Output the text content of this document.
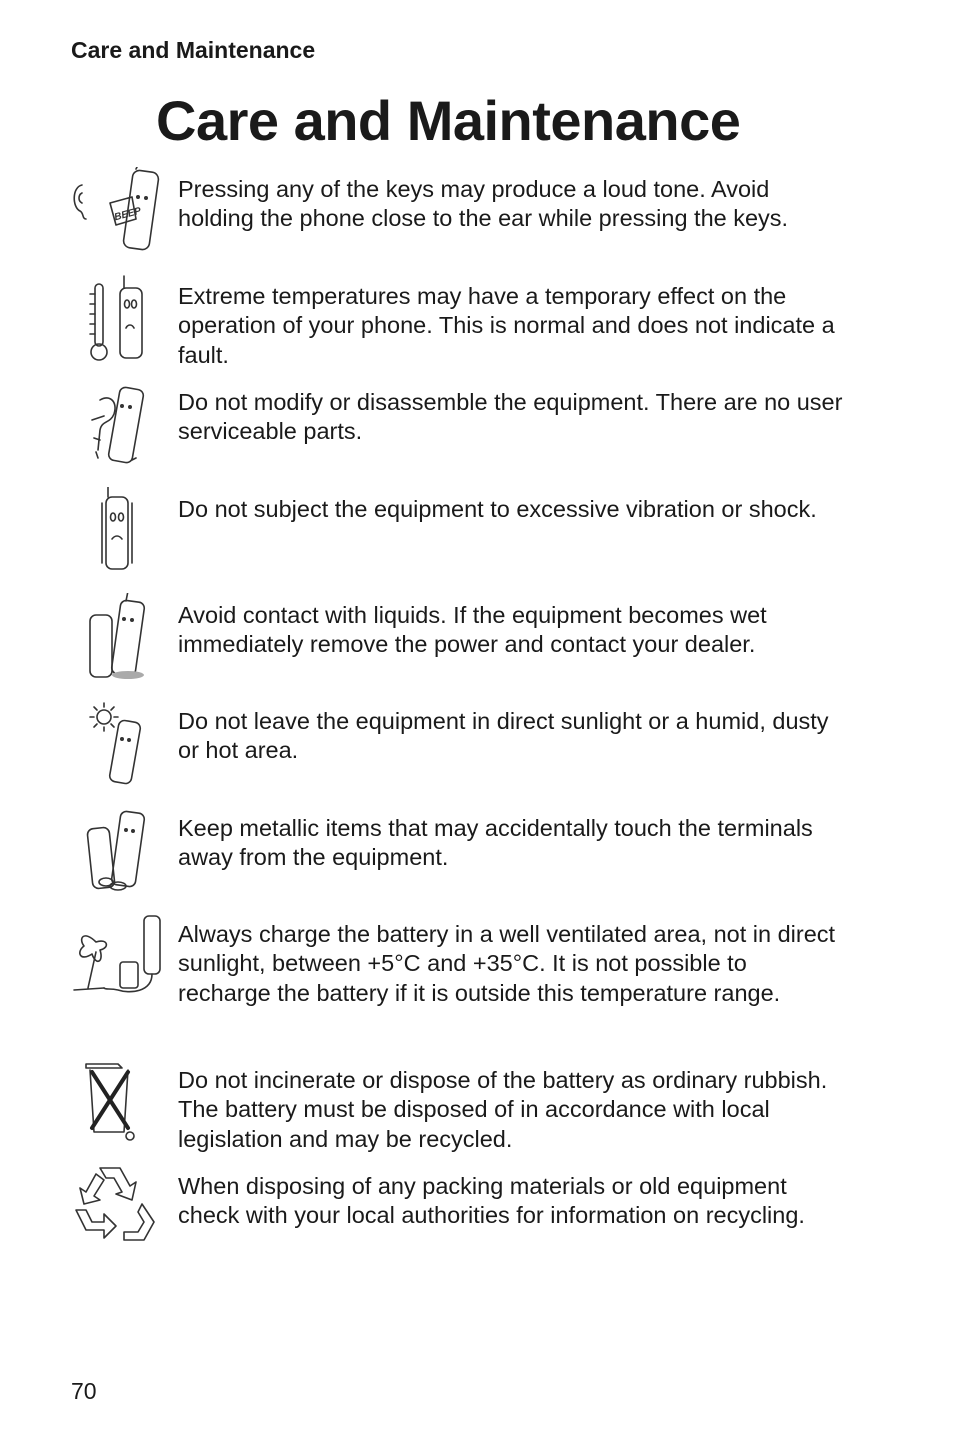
Care and Maintenance
Care and Maintenance
BEEP

Pressing any of the keys may produce a loud tone. Avoid holding the phone close to the ear while pressing the keys.

Extreme temperatures may have a temporary effect on the operation of your phone. This is normal and does not indicate a fault.

Do not modify or disassemble the equipment. There are no user serviceable parts.

Do not subject the equipment to excessive vibration or shock.

Avoid contact with liquids. If the equipment becomes wet immediately remove the power and contact your dealer.

Do not leave the equipment in direct sunlight or a humid, dusty or hot area.

Keep metallic items that may accidentally touch the terminals away from the equipment.

Always charge the battery in a well ventilated area, not in direct sunlight, between +5°C and +35°C. It is not possible to recharge the battery if it is outside this temperature range.

Do not incinerate or dispose of the battery as ordinary rubbish. The battery must be disposed of in accordance with local legislation and may be recycled.

When disposing of any packing materials or old equipment check with your local authorities for information on recycling.

70
